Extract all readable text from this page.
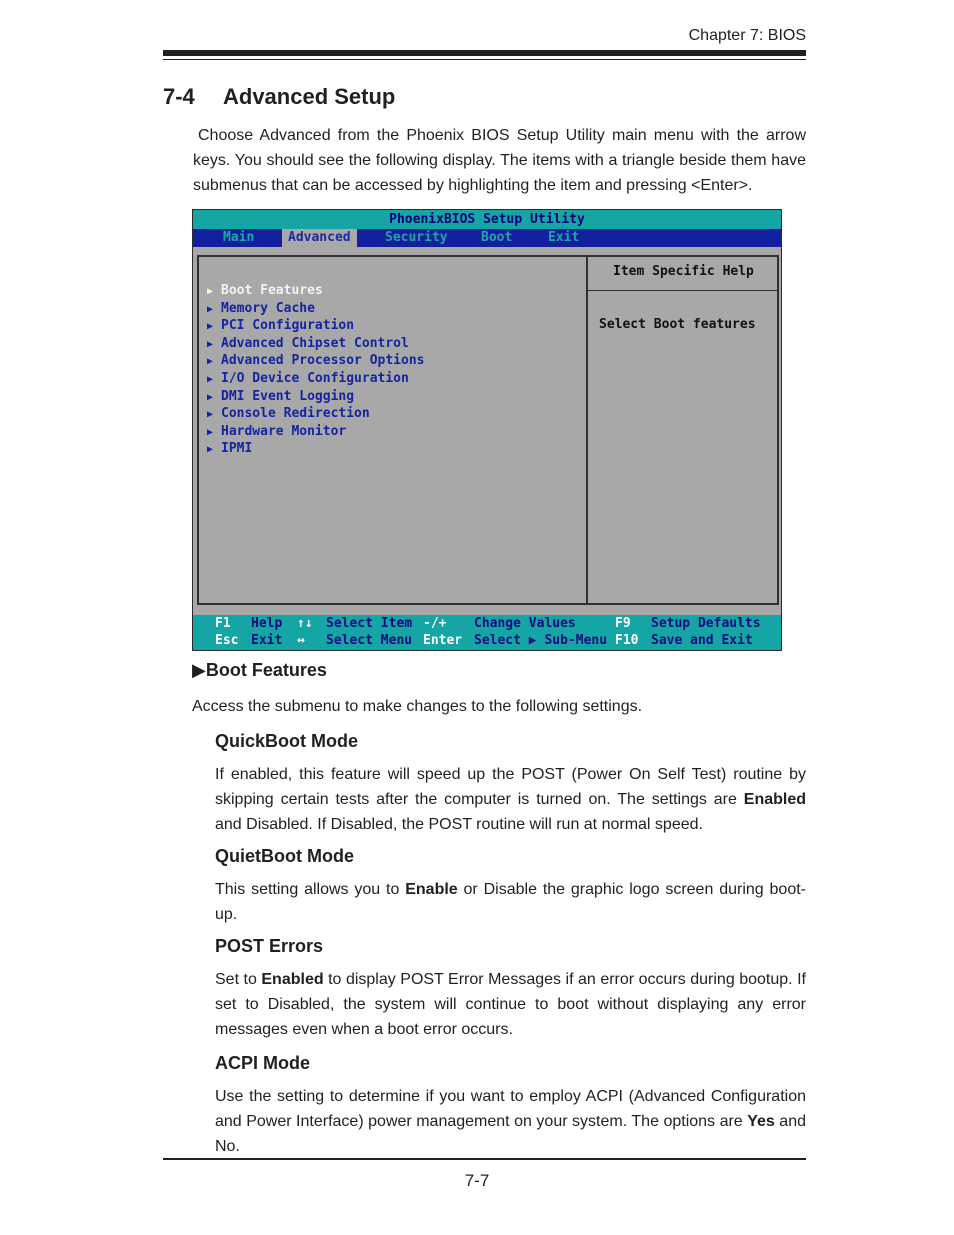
Chapter 7: BIOS
7-4 Advanced Setup
Choose Advanced from the Phoenix BIOS Setup Utility main menu with the arrow keys. You should see the following display. The items with a triangle beside them have submenus that can be accessed by highlighting the item and pressing <Enter>.
PhoenixBIOS Setup Utility
Main	Advanced	Security	Boot	Exit
Item Specific Help
Select Boot features
▶ Boot Features
▶ Memory Cache
▶ PCI Configuration
▶ Advanced Chipset Control
▶ Advanced Processor Options
▶ I/O Device Configuration
▶ DMI Event Logging
▶ Console Redirection
▶ Hardware Monitor
▶ IPMI
F1 Help ↑↓ Select Item -/+ Change Values	F9 Setup Defaults
Esc Exit ↔ Select Menu Enter Select ▶ Sub-Menu F10 Save and Exit
▶Boot Features
Access the submenu to make changes to the following settings.
QuickBoot Mode
If enabled, this feature will speed up the POST (Power On Self Test) routine by skipping certain tests after the computer is turned on. The settings are Enabled and Disabled. If Disabled, the POST routine will run at normal speed.
QuietBoot Mode
This setting allows you to Enable or Disable the graphic logo screen during boot-up.
POST Errors
Set to Enabled to display POST Error Messages if an error occurs during bootup. If set to Disabled, the system will continue to boot without displaying any error messages even when a boot error occurs.
ACPI Mode
Use the setting to determine if you want to employ ACPI (Advanced Configuration and Power Interface) power management on your system. The options are Yes and No.
7-7
